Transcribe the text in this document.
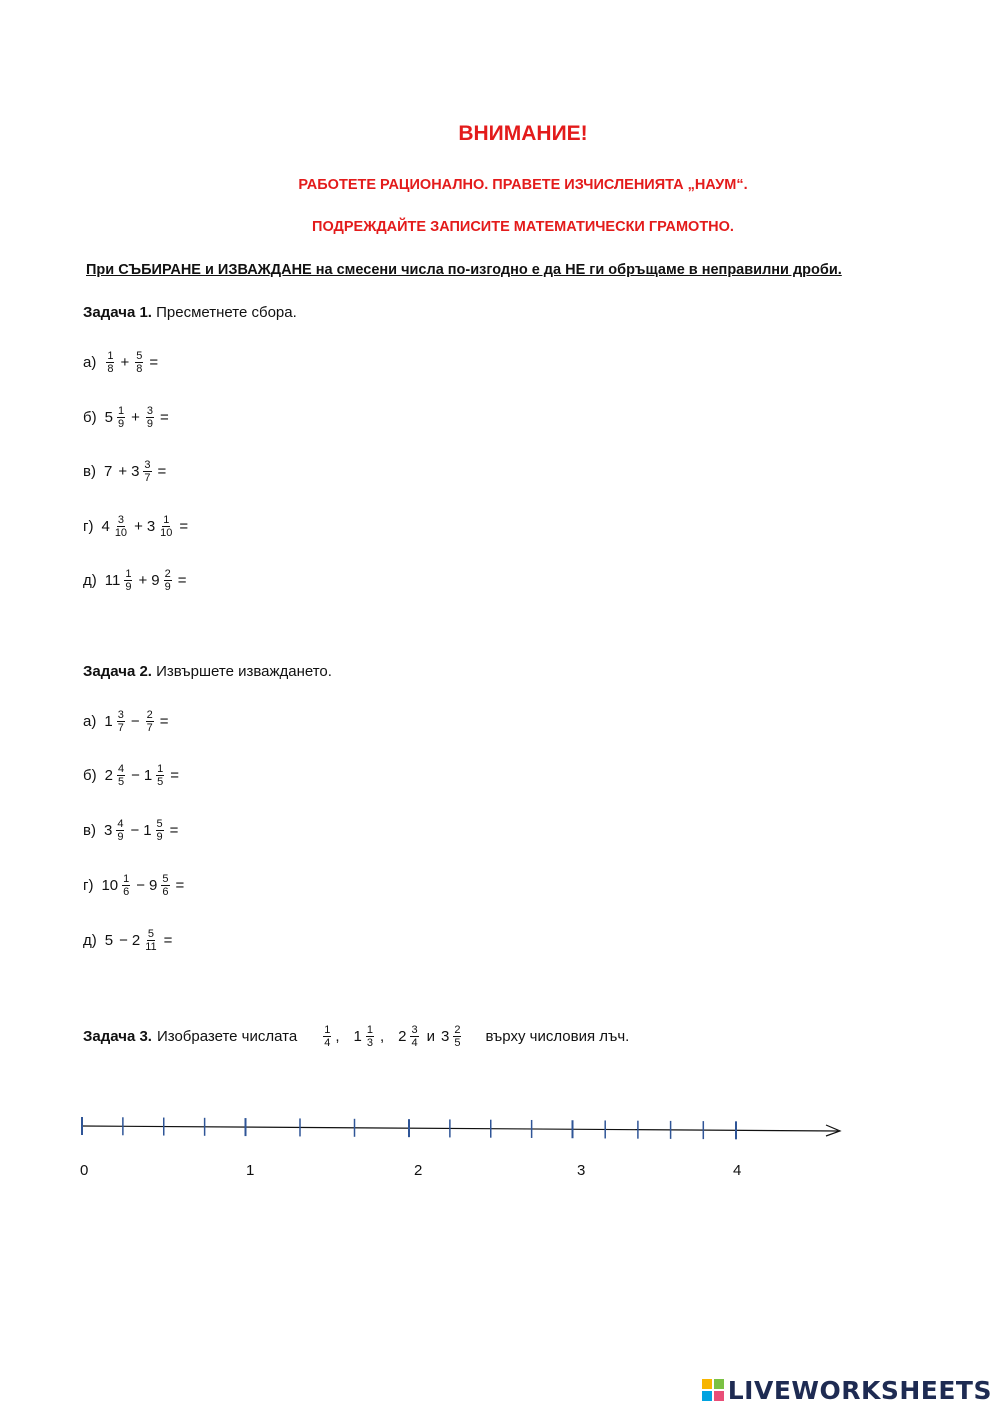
ВНИМАНИЕ!
РАБОТЕТЕ РАЦИОНАЛНО. ПРАВЕТЕ ИЗЧИСЛЕНИЯТА „НАУМ“.
ПОДРЕЖДАЙТЕ ЗАПИСИТЕ МАТЕМАТИЧЕСКИ ГРАМОТНО.
При СЪБИРАНЕ и ИЗВАЖДАНЕ на смесени числа по-изгодно е да НЕ ги обръщаме в неправилни дроби.
Задача 1. Пресметнете сбора.
$а) \frac{1}{8} + \frac{5}{8}$ =
б) $5 \frac{1}{9} + \frac{3}{9}$ =
в) $7 + 3 \frac{3}{7}$ =
г) $4 \frac{3}{10} + 3 \frac{1}{10}$ =
д) $11 \frac{1}{9} + 9 \frac{2}{9}$ =
Задача 2. Извършете изваждането.
а) $1 \frac{3}{7} - \frac{2}{7}$ =
б) $2 \frac{4}{5} - 1 \frac{1}{5}$ =
в) $3 \frac{4}{9} - 1 \frac{5}{9}$ =
г) $10 \frac{1}{6} - 9 \frac{5}{6}$ =
д) $5 - 2 \frac{5}{11}$ =
Задача 3. Изобразете числата $\frac{1}{4}$ , $1 \frac{1}{3}$ , $2 \frac{3}{4}$ и $3 \frac{2}{5}$ върху числовия лъч.
0	1	2	3	4
LIVEWORKSHEETS
